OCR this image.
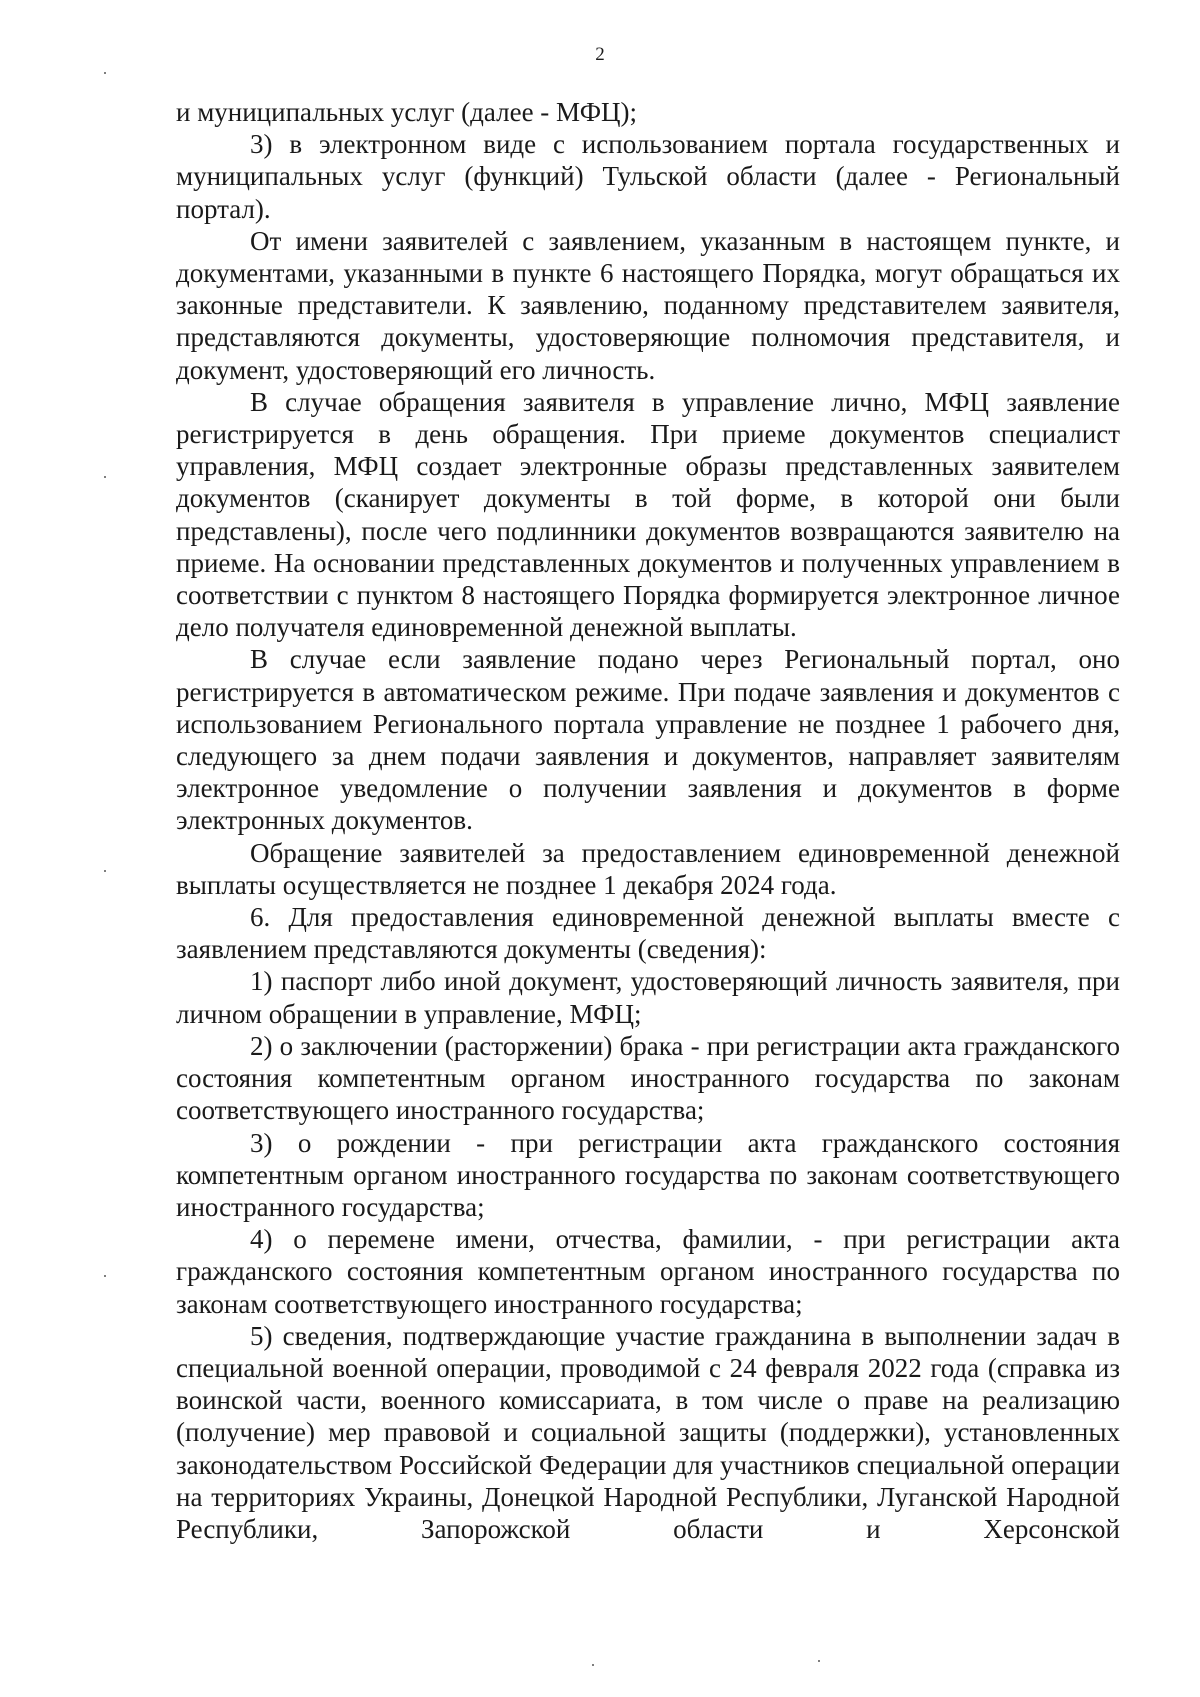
2

и муниципальных услуг (далее - МФЦ);

3) в электронном виде с использованием портала государственных и муниципальных услуг (функций) Тульской области (далее - Региональный портал).

От имени заявителей с заявлением, указанным в настоящем пункте, и документами, указанными в пункте 6 настоящего Порядка, могут обращаться их законные представители. К заявлению, поданному представителем заявителя, представляются документы, удостоверяющие полномочия представителя, и документ, удостоверяющий его личность.

В случае обращения заявителя в управление лично, МФЦ заявление регистрируется в день обращения. При приеме документов специалист управления, МФЦ создает электронные образы представленных заявителем документов (сканирует документы в той форме, в которой они были представлены), после чего подлинники документов возвращаются заявителю на приеме. На основании представленных документов и полученных управлением в соответствии с пунктом 8 настоящего Порядка формируется электронное личное дело получателя единовременной денежной выплаты.

В случае если заявление подано через Региональный портал, оно регистрируется в автоматическом режиме. При подаче заявления и документов с использованием Регионального портала управление не позднее 1 рабочего дня, следующего за днем подачи заявления и документов, направляет заявителям электронное уведомление о получении заявления и документов в форме электронных документов.

Обращение заявителей за предоставлением единовременной денежной выплаты осуществляется не позднее 1 декабря 2024 года.

6. Для предоставления единовременной денежной выплаты вместе с заявлением представляются документы (сведения):

1) паспорт либо иной документ, удостоверяющий личность заявителя, при личном обращении в управление, МФЦ;

2) о заключении (расторжении) брака - при регистрации акта гражданского состояния компетентным органом иностранного государства по законам соответствующего иностранного государства;

3) о рождении - при регистрации акта гражданского состояния компетентным органом иностранного государства по законам соответствующего иностранного государства;

4) о перемене имени, отчества, фамилии, - при регистрации акта гражданского состояния компетентным органом иностранного государства по законам соответствующего иностранного государства;

5) сведения, подтверждающие участие гражданина в выполнении задач в специальной военной операции, проводимой с 24 февраля 2022 года (справка из воинской части, военного комиссариата, в том числе о праве на реализацию (получение) мер правовой и социальной защиты (поддержки), установленных законодательством Российской Федерации для участников специальной операции на территориях Украины, Донецкой Народной Республики, Луганской Народной Республики, Запорожской области и Херсонской
